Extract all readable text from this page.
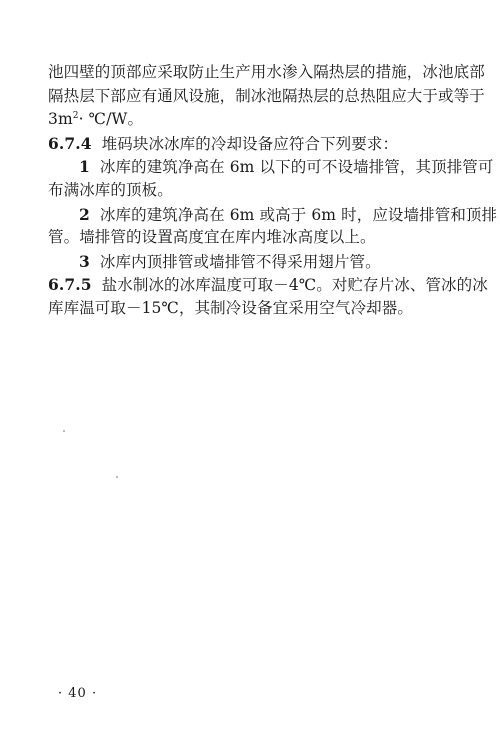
池四壁的顶部应采取防止生产用水渗入隔热层的措施，冰池底部
隔热层下部应有通风设施，制冰池隔热层的总热阻应大于或等于
$3m^2\cdot$ ℃/W。
6.7.4 堆码块冰冰库的冷却设备应符合下列要求：
1 冰库的建筑净高在 6m 以下的可不设墙排管，其顶排管可
布满冰库的顶板。
2 冰库的建筑净高在 6m 或高于 6m 时，应设墙排管和顶排
管。墙排管的设置高度宜在库内堆冰高度以上。
3 冰库内顶排管或墙排管不得采用翅片管。
6.7.5 盐水制冰的冰库温度可取－4℃。对贮存片冰、管冰的冰
库库温可取－15℃，其制冷设备宜采用空气冷却器。
· 40 ·
